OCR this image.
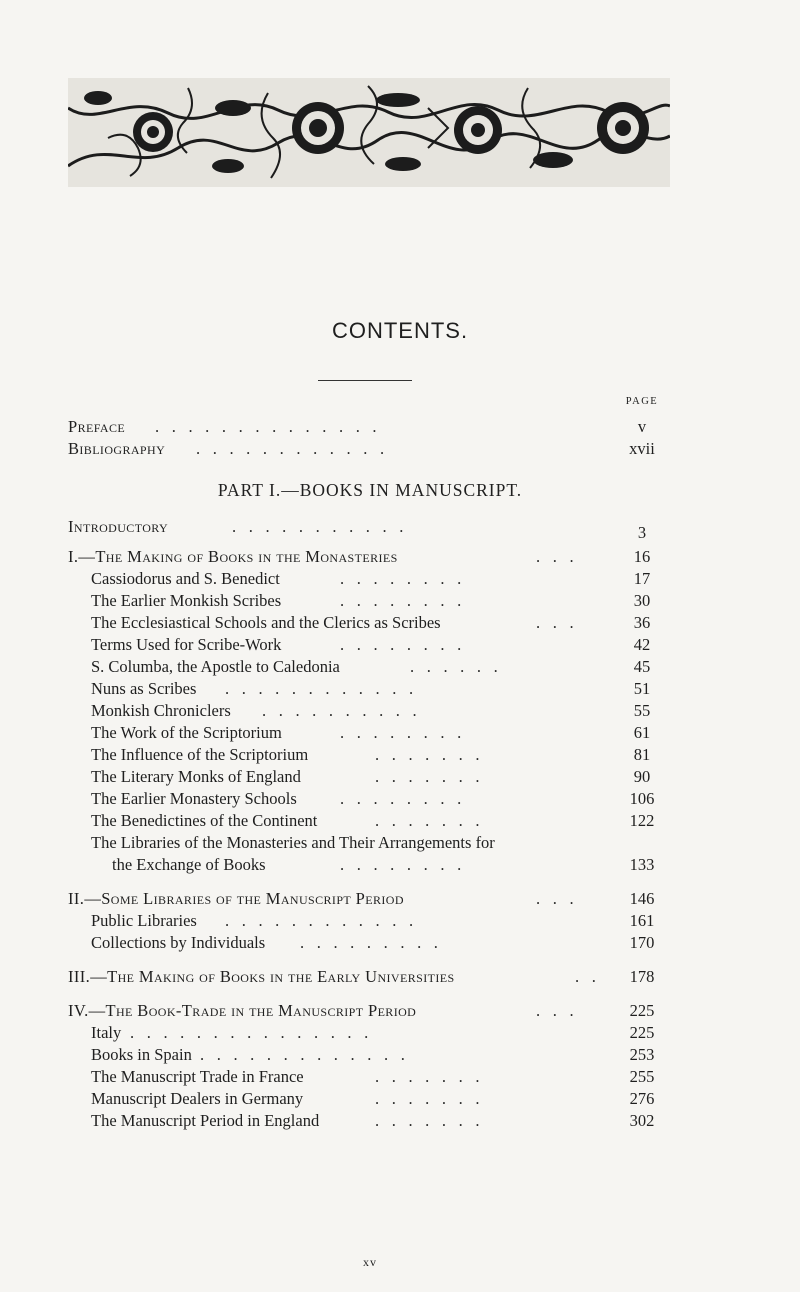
CONTENTS.
PAGE
Preface ..............	v
Bibliography ............	xvii
PART I.—BOOKS IN MANUSCRIPT.
Introductory	...........	3
I.—The Making of Books in the Monasteries	...	16
Cassiodorus and S. Benedict	........	17
The Earlier Monkish Scribes	........	30
The Ecclesiastical Schools and the Clerics as Scribes	...	36
Terms Used for Scribe-Work	........	42
S. Columba, the Apostle to Caledonia	......	45
Nuns as Scribes ............	51
Monkish Chroniclers ..........	55
The Work of the Scriptorium	........	61
The Influence of the Scriptorium	.......	81
The Literary Monks of England	.......	90
The Earlier Monastery Schools	........	106
The Benedictines of the Continent	.......	122
The Libraries of the Monasteries and Their Arrangements for
the Exchange of Books	........	133
II.—Some Libraries of the Manuscript Period	...	146
Public Libraries ............	161
Collections by Individuals .........	170
III.—The Making of Books in the Early Universities	..	178
IV.—The Book-Trade in the Manuscript Period	...	225
Italy ...............	225
Books in Spain .............	253
The Manuscript Trade in France	.......	255
Manuscript Dealers in Germany	.......	276
The Manuscript Period in England	.......	302
xv
